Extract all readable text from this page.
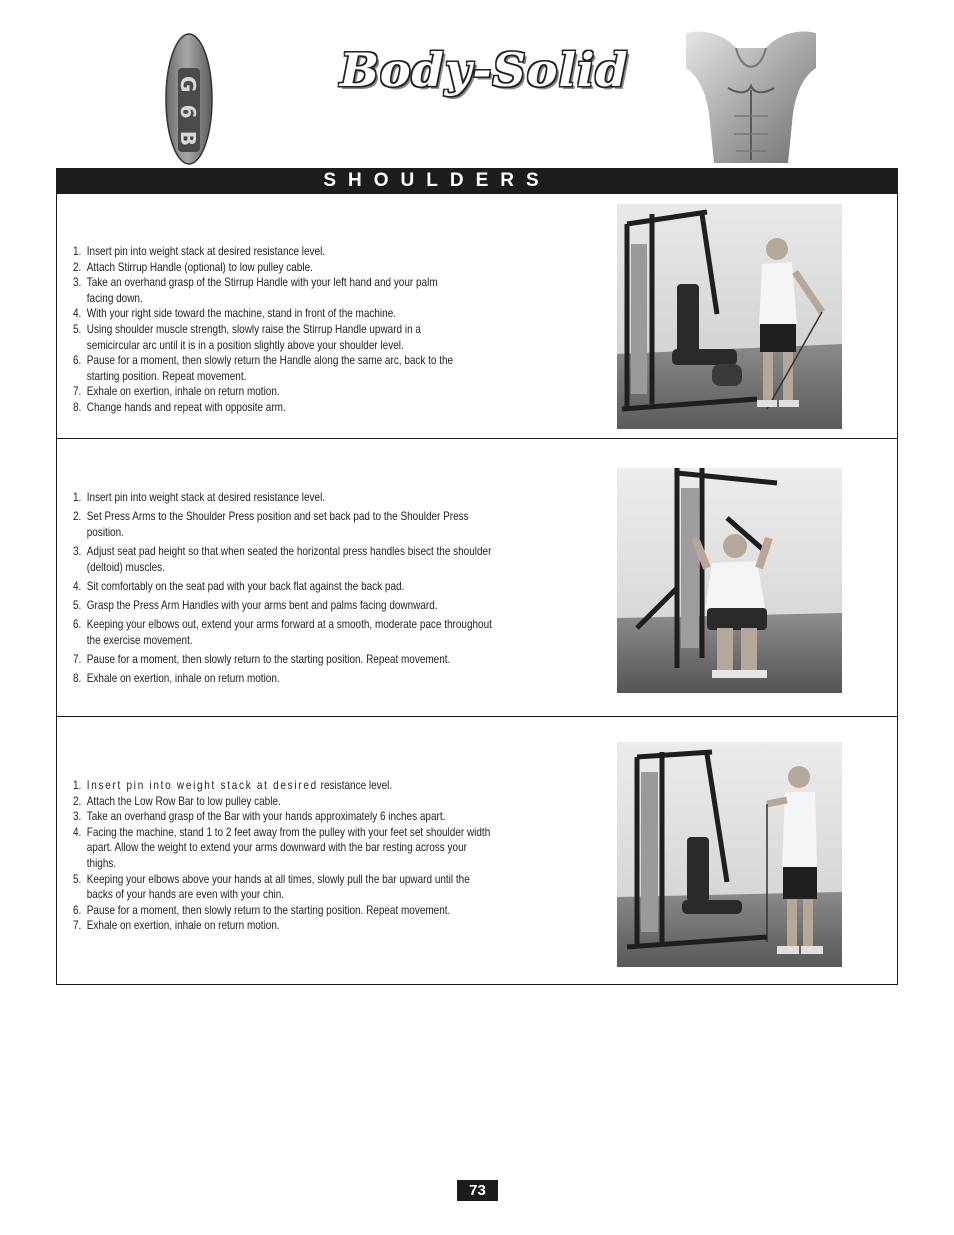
G6B
Body-Solid
SHOULDERS
1. Insert pin into weight stack at desired resistance level.
2. Attach Stirrup Handle (optional) to low pulley cable.
3. Take an overhand grasp of the Stirrup Handle with your left hand and your palm facing down.
4. With your right side toward the machine, stand in front of the machine.
5. Using shoulder muscle strength, slowly raise the Stirrup Handle upward in a semicircular arc until it is in a position slightly above your shoulder level.
6. Pause for a moment, then slowly return the Handle along the same arc, back to the starting position. Repeat movement.
7. Exhale on exertion, inhale on return motion.
8. Change hands and repeat with opposite arm.
1. Insert pin into weight stack at desired resistance level.
2. Set Press Arms to the Shoulder Press position and set back pad to the Shoulder Press position.
3. Adjust seat pad height so that when seated the horizontal press handles bisect the shoulder (deltoid) muscles.
4. Sit comfortably on the seat pad with your back flat against the back pad.
5. Grasp the Press Arm Handles with your arms bent and palms facing downward.
6. Keeping your elbows out, extend your arms forward at a smooth, moderate pace throughout the exercise movement.
7. Pause for a moment, then slowly return to the starting position. Repeat movement.
8. Exhale on exertion, inhale on return motion.
1. Insert pin into weight stack at desired resistance level.
2. Attach the Low Row Bar to low pulley cable.
3. Take an overhand grasp of the Bar with your hands approximately 6 inches apart.
4. Facing the machine, stand 1 to 2 feet away from the pulley with your feet set shoulder width apart. Allow the weight to extend your arms downward with the bar resting across your thighs.
5. Keeping your elbows above your hands at all times, slowly pull the bar upward until the backs of your hands are even with your chin.
6. Pause for a moment, then slowly return to the starting position. Repeat movement.
7. Exhale on exertion, inhale on return motion.
73
